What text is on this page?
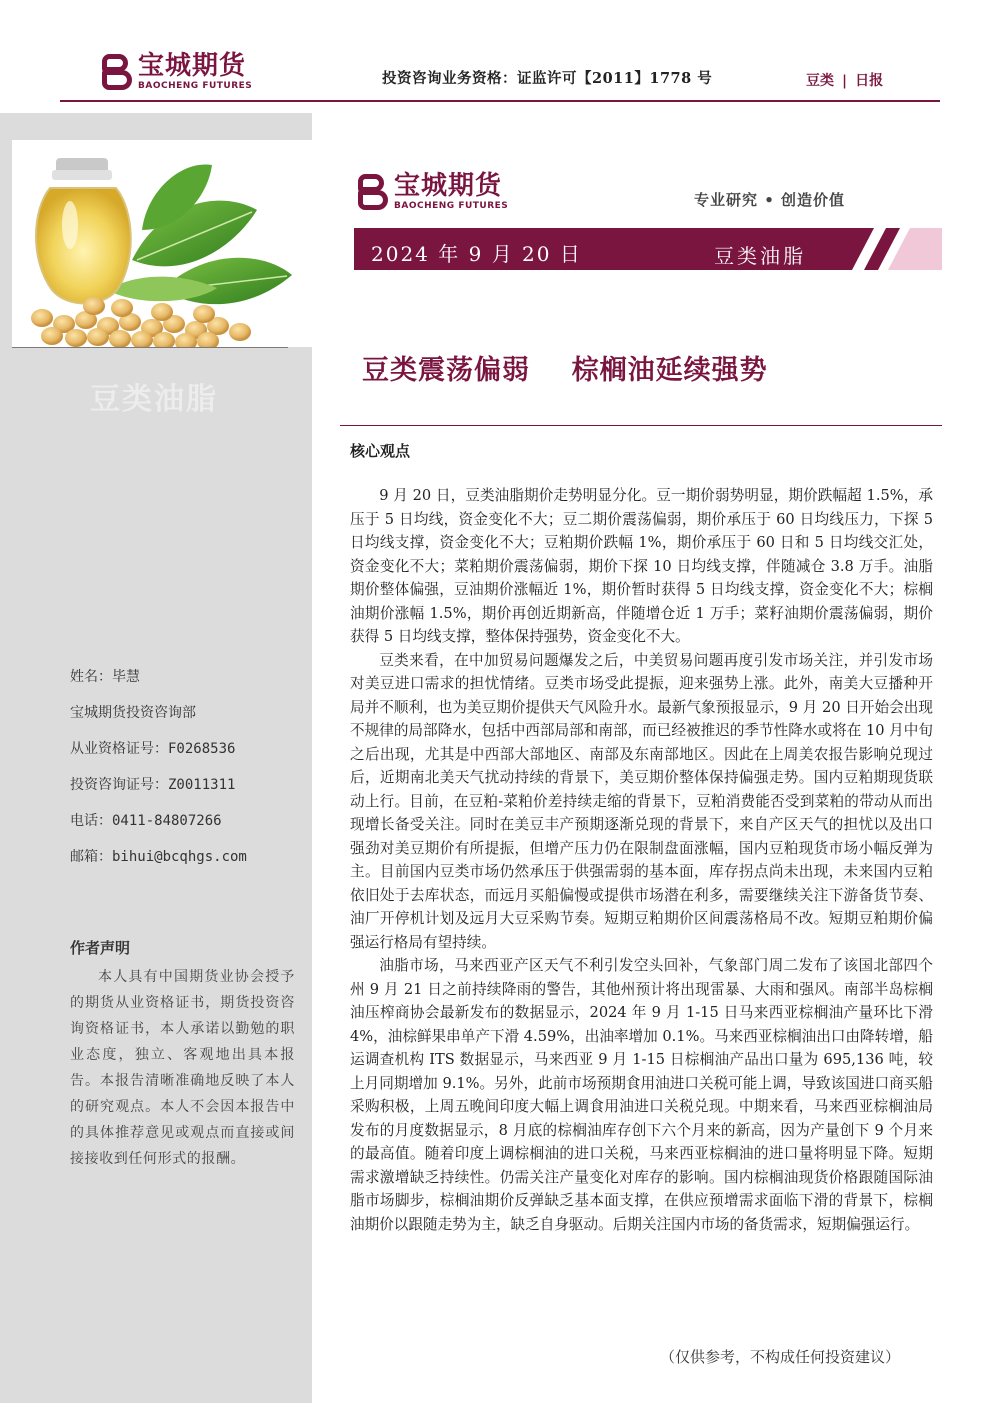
宝城期货
BAOCHENG FUTURES	投资咨询业务资格：证监许可【2011】1778 号	豆类 | 日报
豆类油脂
姓名：毕慧
宝城期货投资咨询部
从业资格证号：F0268536
投资咨询证号：Z0011311
电话：0411-84807266
邮箱：bihui@bcqhgs.com
作者声明
本人具有中国期货业协会授予的期货从业资格证书，期货投资咨询资格证书，本人承诺以勤勉的职业态度，独立、客观地出具本报告。本报告清晰准确地反映了本人的研究观点。本人不会因本报告中的具体推荐意见或观点而直接或间接接收到任何形式的报酬。
宝城期货
BAOCHENG FUTURES	专业研究 • 创造价值
2024 年 9 月 20 日	豆类油脂
豆类震荡偏弱    棕榈油延续强势
核心观点

9 月 20 日，豆类油脂期价走势明显分化。豆一期价弱势明显，期价跌幅超 1.5%，承压于 5 日均线，资金变化不大；豆二期价震荡偏弱，期价承压于 60 日均线压力，下探 5 日均线支撑，资金变化不大；豆粕期价跌幅 1%，期价承压于 60 日和 5 日均线交汇处，资金变化不大；菜粕期价震荡偏弱，期价下探 10 日均线支撑，伴随减仓 3.8 万手。油脂期价整体偏强，豆油期价涨幅近 1%，期价暂时获得 5 日均线支撑，资金变化不大；棕榈油期价涨幅 1.5%，期价再创近期新高，伴随增仓近 1 万手；菜籽油期价震荡偏弱，期价获得 5 日均线支撑，整体保持强势，资金变化不大。

豆类来看，在中加贸易问题爆发之后，中美贸易问题再度引发市场关注，并引发市场对美豆进口需求的担忧情绪。豆类市场受此提振，迎来强势上涨。此外，南美大豆播种开局并不顺利，也为美豆期价提供天气风险升水。最新气象预报显示，9 月 20 日开始会出现不规律的局部降水，包括中西部局部和南部，而已经被推迟的季节性降水或将在 10 月中旬之后出现，尤其是中西部大部地区、南部及东南部地区。因此在上周美农报告影响兑现过后，近期南北美天气扰动持续的背景下，美豆期价整体保持偏强走势。国内豆粕期现货联动上行。目前，在豆粕-菜粕价差持续走缩的背景下，豆粕消费能否受到菜粕的带动从而出现增长备受关注。同时在美豆丰产预期逐渐兑现的背景下，来自产区天气的担忧以及出口强劲对美豆期价有所提振，但增产压力仍在限制盘面涨幅，国内豆粕现货市场小幅反弹为主。目前国内豆类市场仍然承压于供强需弱的基本面，库存拐点尚未出现，未来国内豆粕依旧处于去库状态，而远月买船偏慢或提供市场潜在利多，需要继续关注下游备货节奏、油厂开停机计划及远月大豆采购节奏。短期豆粕期价区间震荡格局不改。短期豆粕期价偏强运行格局有望持续。

油脂市场，马来西亚产区天气不利引发空头回补，气象部门周二发布了该国北部四个州 9 月 21 日之前持续降雨的警告，其他州预计将出现雷暴、大雨和强风。南部半岛棕榈油压榨商协会最新发布的数据显示，2024 年 9 月 1-15 日马来西亚棕榈油产量环比下滑 4%，油棕鲜果串单产下滑 4.59%，出油率增加 0.1%。马来西亚棕榈油出口由降转增，船运调查机构 ITS 数据显示，马来西亚 9 月 1-15 日棕榈油产品出口量为 695,136 吨，较上月同期增加 9.1%。另外，此前市场预期食用油进口关税可能上调，导致该国进口商买船采购积极，上周五晚间印度大幅上调食用油进口关税兑现。中期来看，马来西亚棕榈油局发布的月度数据显示，8 月底的棕榈油库存创下六个月来的新高，因为产量创下 9 个月来的最高值。随着印度上调棕榈油的进口关税，马来西亚棕榈油的进口量将明显下降。短期需求激增缺乏持续性。仍需关注产量变化对库存的影响。国内棕榈油现货价格跟随国际油脂市场脚步，棕榈油期价反弹缺乏基本面支撑，在供应预增需求面临下滑的背景下，棕榈油期价以跟随走势为主，缺乏自身驱动。后期关注国内市场的备货需求，短期偏强运行。

（仅供参考，不构成任何投资建议）
